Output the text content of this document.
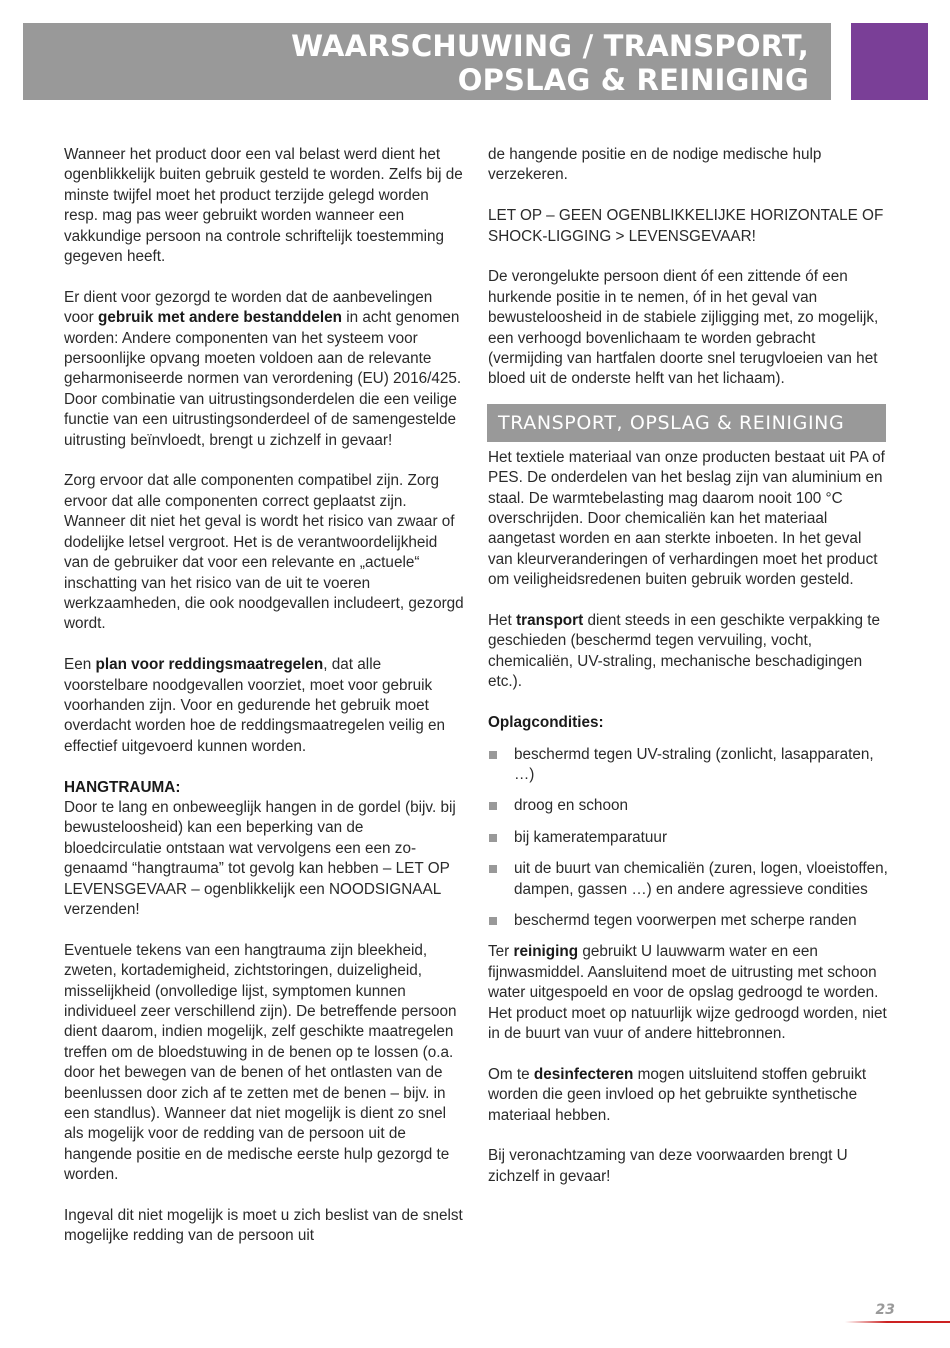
WAARSCHUWING / TRANSPORT,
OPSLAG & REINIGING

Wanneer het product door een val belast werd dient het ogenblikkelijk buiten gebruik gesteld te worden. Zelfs bij de minste twijfel moet het product terzijde gelegd worden resp. mag pas weer gebruikt worden wanneer een vakkundige persoon na controle schriftelijk toestemming gegeven heeft.

Er dient voor gezorgd te worden dat de aanbevelingen voor gebruik met andere bestanddelen in acht genomen worden: Andere componenten van het systeem voor persoonlijke opvang moeten voldoen aan de relevante geharmoniseerde normen van verordening (EU) 2016/425. Door combinatie van uitrustingsonderdelen die een veilige functie van een uitrustingsonderdeel of de samengestelde uitrusting beïnvloedt, brengt u zichzelf in gevaar!

Zorg ervoor dat alle componenten compatibel zijn. Zorg ervoor dat alle componenten correct geplaatst zijn. Wanneer dit niet het geval is wordt het risico van zwaar of dodelijke letsel vergroot. Het is de verantwoordelijkheid van de gebruiker dat voor een relevante en „actuele“ inschatting van het risico van de uit te voeren werkzaamheden, die ook noodgevallen includeert, gezorgd wordt.

Een plan voor reddingsmaatregelen, dat alle voorstelbare noodgevallen voorziet, moet voor gebruik voorhanden zijn. Voor en gedurende het gebruik moet overdacht worden hoe de reddingsmaatregelen veilig en effectief uitgevoerd kunnen worden.

HANGTRAUMA:
Door te lang en onbeweeglijk hangen in de gordel (bijv. bij bewusteloosheid) kan een beperking van de bloedcirculatie ontstaan wat vervolgens een een zogenaamd “hangtrauma” tot gevolg kan hebben – LET OP LEVENSGEVAAR – ogenblikkelijk een NOODSIGNAAL verzenden!

Eventuele tekens van een hangtrauma zijn bleekheid, zweten, kortademigheid, zichtstoringen, duizeligheid, misselijkheid (onvolledige lijst, symptomen kunnen individueel zeer verschillend zijn). De betreffende persoon dient daarom, indien mogelijk, zelf geschikte maatregelen treffen om de bloedstuwing in de benen op te lossen (o.a. door het bewegen van de benen of het ontlasten van de beenlussen door zich af te zetten met de benen – bijv. in een standlus). Wanneer dat niet mogelijk is dient zo snel als mogelijk voor de redding van de persoon uit de hangende positie en de medische eerste hulp gezorgd te worden.

Ingeval dit niet mogelijk is moet u zich beslist van de snelst mogelijke redding van de persoon uit

de hangende positie en de nodige medische hulp verzekeren.

LET OP – GEEN OGENBLIKKELIJKE HORIZONTALE OF SHOCK-LIGGING > LEVENSGEVAAR!

De verongelukte persoon dient óf een zittende óf een hurkende positie in te nemen, óf in het geval van bewusteloosheid in de stabiele zijligging met, zo mogelijk, een verhoogd bovenlichaam te worden gebracht (vermijding van hartfalen doorte snel terugvloeien van het bloed uit de onderste helft van het lichaam).

TRANSPORT, OPSLAG & REINIGING

Het textiele materiaal van onze producten bestaat uit PA of PES. De onderdelen van het beslag zijn van aluminium en staal. De warmtebelasting mag daarom nooit 100 °C overschrijden. Door chemicaliën kan het materiaal aangetast worden en aan sterkte inboeten. In het geval van kleurveranderingen of verhardingen moet het product om veiligheidsredenen buiten gebruik worden gesteld.

Het transport dient steeds in een geschikte verpakking te geschieden (beschermd tegen vervuiling, vocht, chemicaliën, UV-straling, mechanische beschadigingen etc.).

Oplagcondities:

beschermd tegen UV-straling (zonlicht, lasapparaten, …)
droog en schoon
bij kameratemparatuur
uit de buurt van chemicaliën (zuren, logen, vloeistoffen, dampen, gassen …) en andere agressieve condities
beschermd tegen voorwerpen met scherpe randen

Ter reiniging gebruikt U lauwwarm water en een fijnwasmiddel. Aansluitend moet de uitrusting met schoon water uitgespoeld en voor de opslag gedroogd te worden. Het product moet op natuurlijk wijze gedroogd worden, niet in de buurt van vuur of andere hittebronnen.

Om te desinfecteren mogen uitsluitend stoffen gebruikt worden die geen invloed op het gebruikte synthetische materiaal hebben.

Bij veronachtzaming van deze voorwaarden brengt U zichzelf in gevaar!

23
